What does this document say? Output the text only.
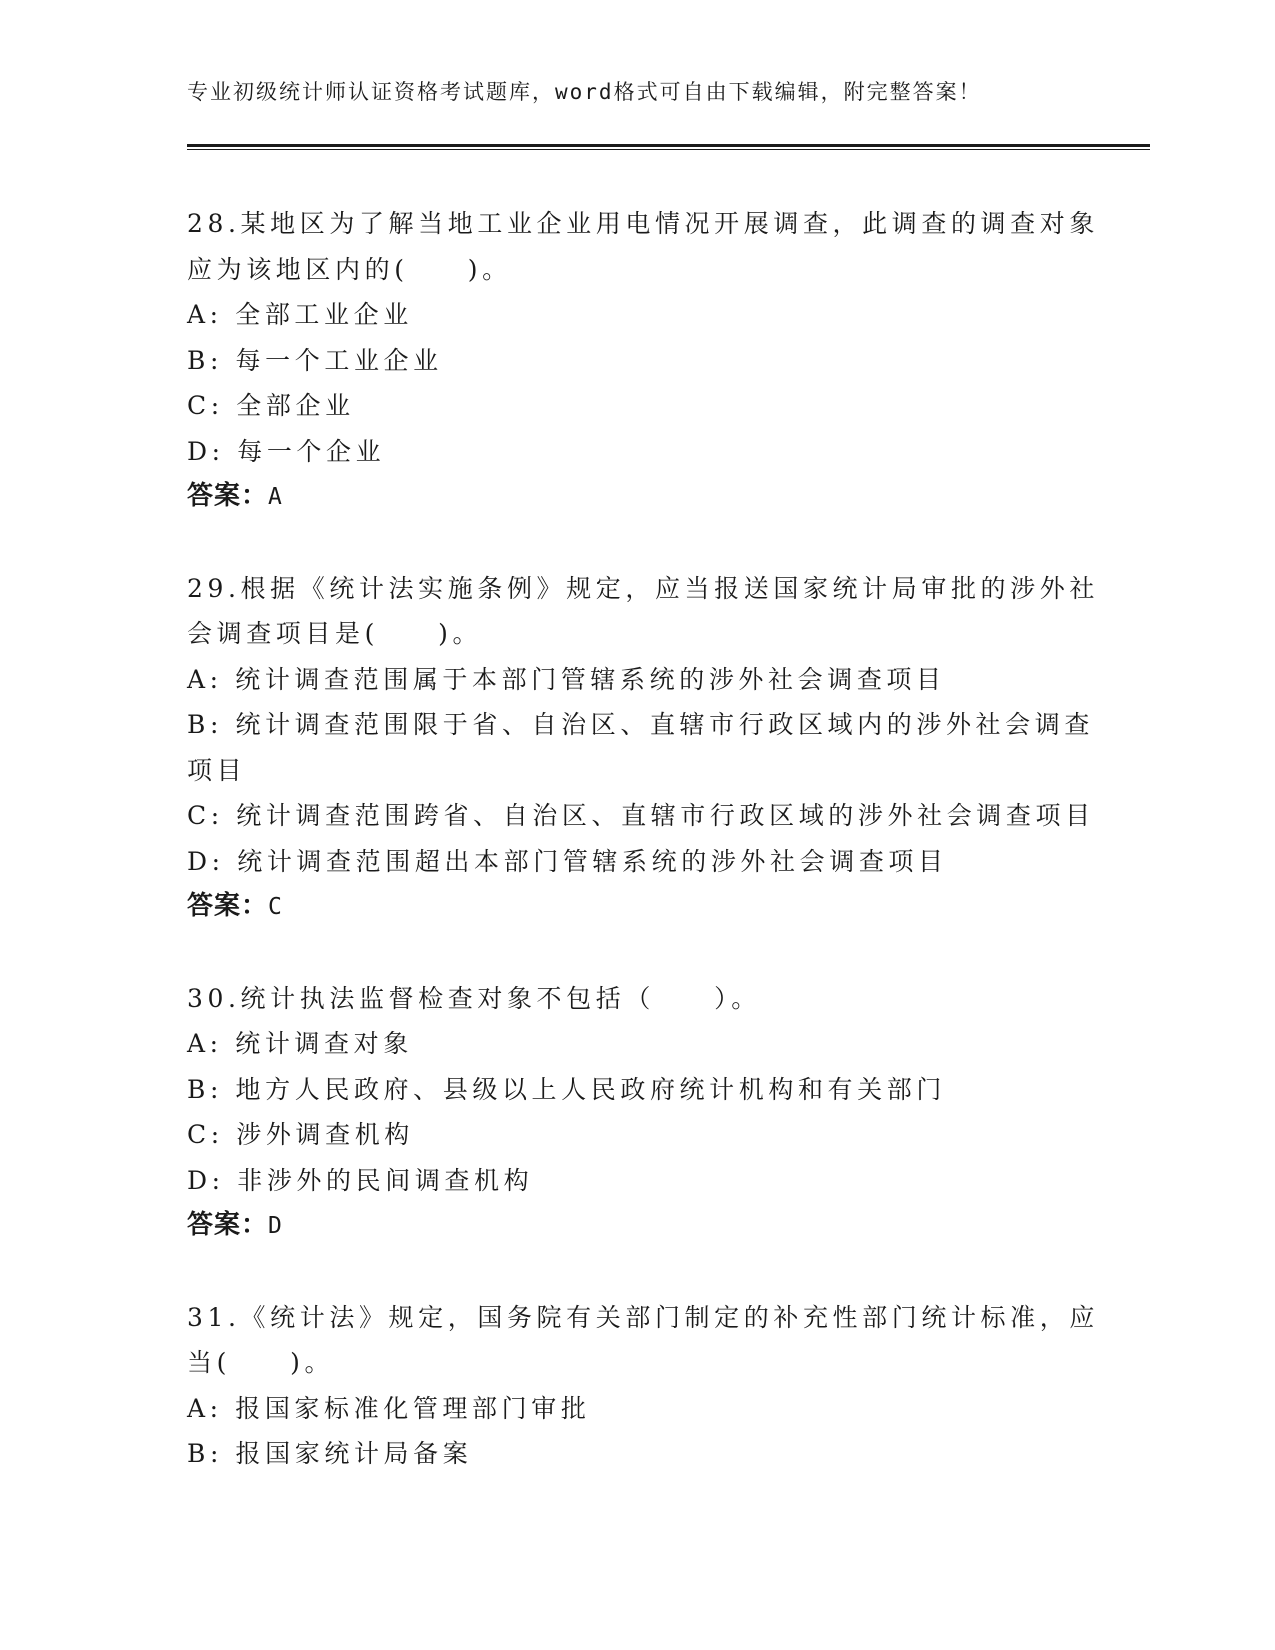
专业初级统计师认证资格考试题库，word格式可自由下载编辑，附完整答案！
28.某地区为了解当地工业企业用电情况开展调查，此调查的调查对象
应为该地区内的(　　)。
A: 全部工业企业
B: 每一个工业企业
C: 全部企业
D: 每一个企业
答案：A
29.根据《统计法实施条例》规定，应当报送国家统计局审批的涉外社
会调查项目是(　　)。
A: 统计调查范围属于本部门管辖系统的涉外社会调查项目
B: 统计调查范围限于省、自治区、直辖市行政区域内的涉外社会调查
项目
C: 统计调查范围跨省、自治区、直辖市行政区域的涉外社会调查项目
D: 统计调查范围超出本部门管辖系统的涉外社会调查项目
答案：C
30.统计执法监督检查对象不包括（　　）。
A: 统计调查对象
B: 地方人民政府、县级以上人民政府统计机构和有关部门
C: 涉外调查机构
D: 非涉外的民间调查机构
答案：D
31.《统计法》规定，国务院有关部门制定的补充性部门统计标准，应
当(　　)。
A: 报国家标准化管理部门审批
B: 报国家统计局备案
